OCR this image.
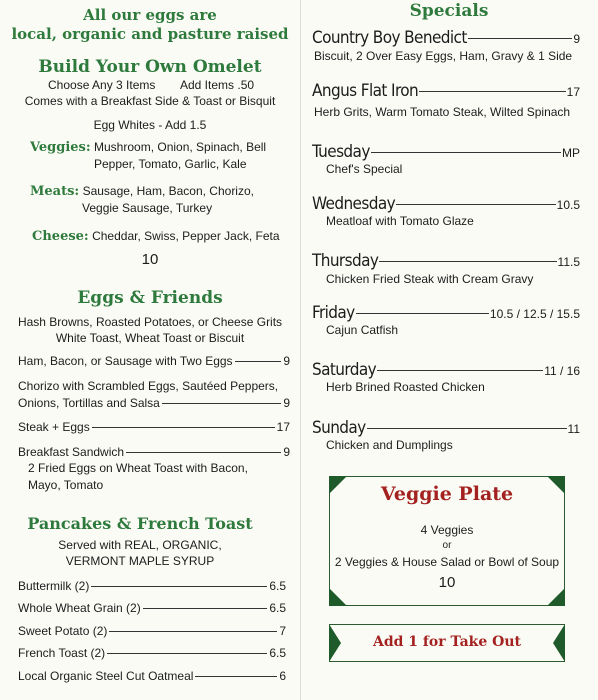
All our eggs are
local, organic and pasture raised
Build Your Own Omelet
Choose Any 3 Items Add Items .50
Comes with a Breakfast Side & Toast or Bisquit
Egg Whites - Add 1.5
Veggies: Mushroom, Onion, Spinach, Bell
Pepper, Tomato, Garlic, Kale
Meats: Sausage, Ham, Bacon, Chorizo,
Veggie Sausage, Turkey
Cheese: Cheddar, Swiss, Pepper Jack, Feta
10
Eggs & Friends
Hash Browns, Roasted Potatoes, or Cheese Grits
White Toast, Wheat Toast or Biscuit
Ham, Bacon, or Sausage with Two Eggs	9
Chorizo with Scrambled Eggs, Sautéed Peppers,
Onions, Tortillas and Salsa	9
Steak + Eggs	17
Breakfast Sandwich	9
2 Fried Eggs on Wheat Toast with Bacon,
Mayo, Tomato
Pancakes & French Toast
Served with REAL, ORGANIC,
VERMONT MAPLE SYRUP
Buttermilk (2)	6.5
Whole Wheat Grain (2)	6.5
Sweet Potato (2)	7
French Toast (2)	6.5
Local Organic Steel Cut Oatmeal	6
Specials
Country Boy Benedict	9
Biscuit, 2 Over Easy Eggs, Ham, Gravy & 1 Side
Angus Flat Iron	17
Herb Grits, Warm Tomato Steak, Wilted Spinach
Tuesday	MP
Chef's Special
Wednesday	10.5
Meatloaf with Tomato Glaze
Thursday	11.5
Chicken Fried Steak with Cream Gravy
Friday	10.5 / 12.5 / 15.5
Cajun Catfish
Saturday	11 / 16
Herb Brined Roasted Chicken
Sunday	11
Chicken and Dumplings
Veggie Plate
4 Veggies
or
2 Veggies & House Salad or Bowl of Soup
10
Add 1 for Take Out
